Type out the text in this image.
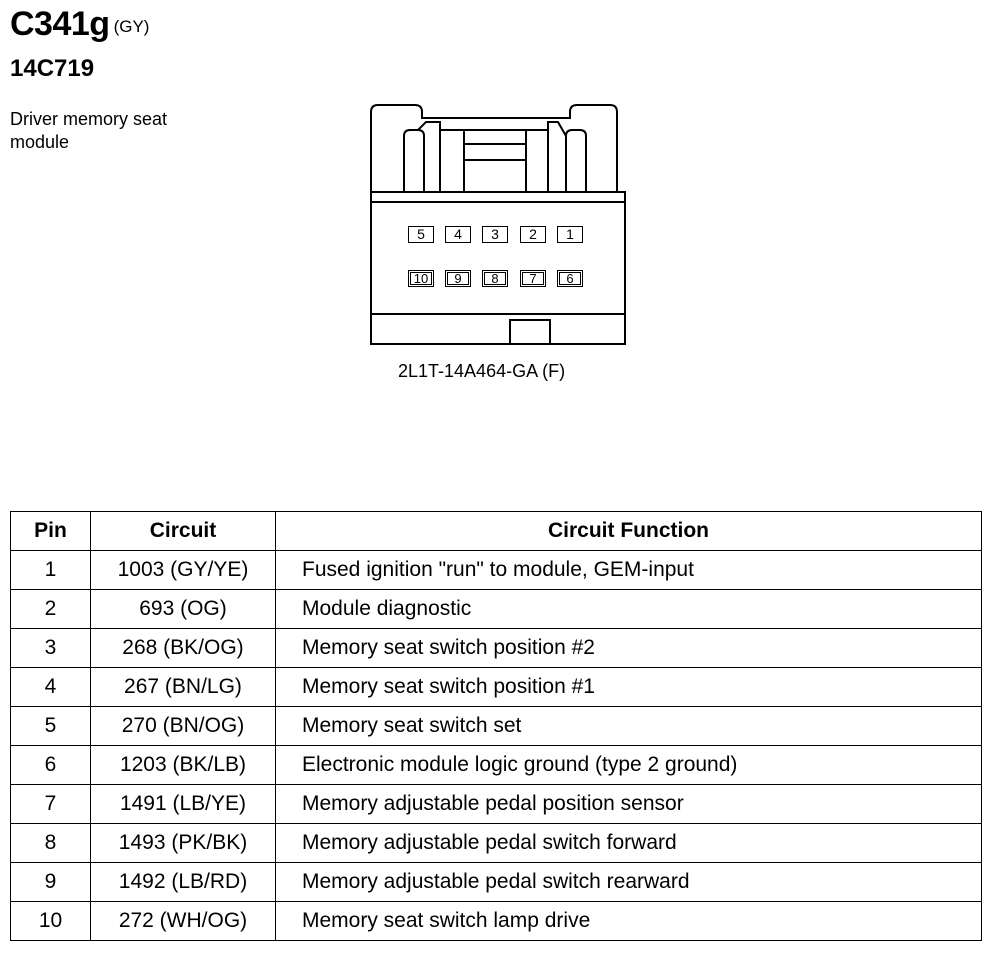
C341g $^{(GY)}$
14C719
Driver memory seat module
5	4	3	2	1
10	9	8	7	6
2L1T-14A464-GA (F)
Pin	Circuit	Circuit Function
1	1003 (GY/YE)	Fused ignition "run" to module, GEM-input
2	693 (OG)	Module diagnostic
3	268 (BK/OG)	Memory seat switch position #2
4	267 (BN/LG)	Memory seat switch position #1
5	270 (BN/OG)	Memory seat switch set
6	1203 (BK/LB)	Electronic module logic ground (type 2 ground)
7	1491 (LB/YE)	Memory adjustable pedal position sensor
8	1493 (PK/BK)	Memory adjustable pedal switch forward
9	1492 (LB/RD)	Memory adjustable pedal switch rearward
10	272 (WH/OG)	Memory seat switch lamp drive
